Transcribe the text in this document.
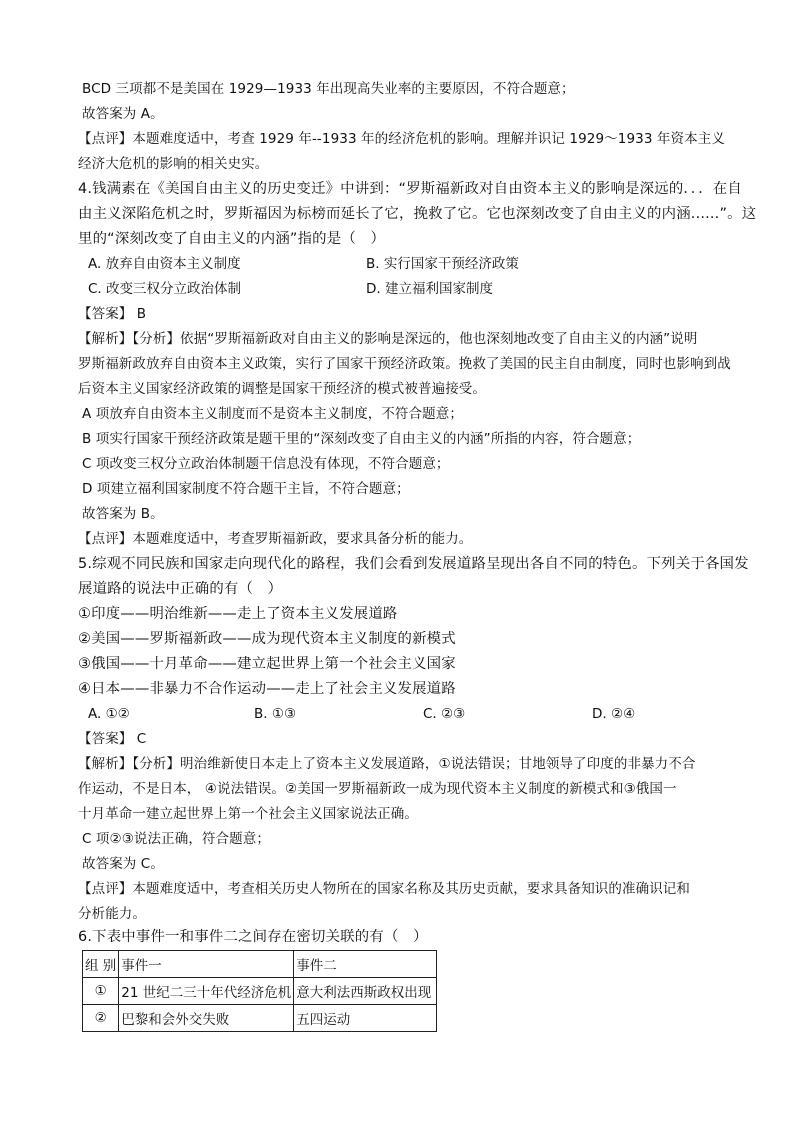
BCD 三项都不是美国在 1929—1933 年出现高失业率的主要原因，不符合题意；
故答案为 A。
【点评】本题难度适中，考查 1929 年--1933 年的经济危机的影响。理解并识记 1929～1933 年资本主义
经济大危机的影响的相关史实。
4.钱满素在《美国自由主义的历史变迁》中讲到：“罗斯福新政对自由资本主义的影响是深远的．．．在自
由主义深陷危机之时，罗斯福因为标榜而延长了它，挽救了它。它也深刻改变了自由主义的内涵......”。这
里的“深刻改变了自由主义的内涵”指的是（　）
A. 放弃自由资本主义制度	B. 实行国家干预经济政策
C. 改变三权分立政治体制	D. 建立福利国家制度
【答案】 B
【解析】【分析】依据“罗斯福新政对自由主义的影响是深远的，他也深刻地改变了自由主义的内涵”说明
罗斯福新政放弃自由资本主义政策，实行了国家干预经济政策。挽救了美国的民主自由制度，同时也影响到战
后资本主义国家经济政策的调整是国家干预经济的模式被普遍接受。
A 项放弃自由资本主义制度而不是资本主义制度，不符合题意；
B 项实行国家干预经济政策是题干里的“深刻改变了自由主义的内涵”所指的内容，符合题意；
C 项改变三权分立政治体制题干信息没有体现，不符合题意；
D 项建立福利国家制度不符合题干主旨，不符合题意；
故答案为 B。
【点评】本题难度适中，考查罗斯福新政，要求具备分析的能力。
5.综观不同民族和国家走向现代化的路程，我们会看到发展道路呈现出各自不同的特色。下列关于各国发
展道路的说法中正确的有（　）
①印度——明治维新——走上了资本主义发展道路
②美国——罗斯福新政——成为现代资本主义制度的新模式
③俄国——十月革命——建立起世界上第一个社会主义国家
④日本——非暴力不合作运动——走上了社会主义发展道路
A. ①②	B. ①③	C. ②③	D. ②④
【答案】 C
【解析】【分析】明治维新使日本走上了资本主义发展道路，①说法错误；甘地领导了印度的非暴力不合
作运动，不是日本， ④说法错误。②美国一罗斯福新政一成为现代资本主义制度的新模式和③俄国一
十月革命一建立起世界上第一个社会主义国家说法正确。
C 项②③说法正确，符合题意；
故答案为 C。
【点评】本题难度适中，考查相关历史人物所在的国家名称及其历史贡献，要求具备知识的准确识记和
分析能力。
6.下表中事件一和事件二之间存在密切关联的有（　）
组 别	事件一	事件二
①	21 世纪二三十年代经济危机	意大利法西斯政权出现
②	巴黎和会外交失败	五四运动
